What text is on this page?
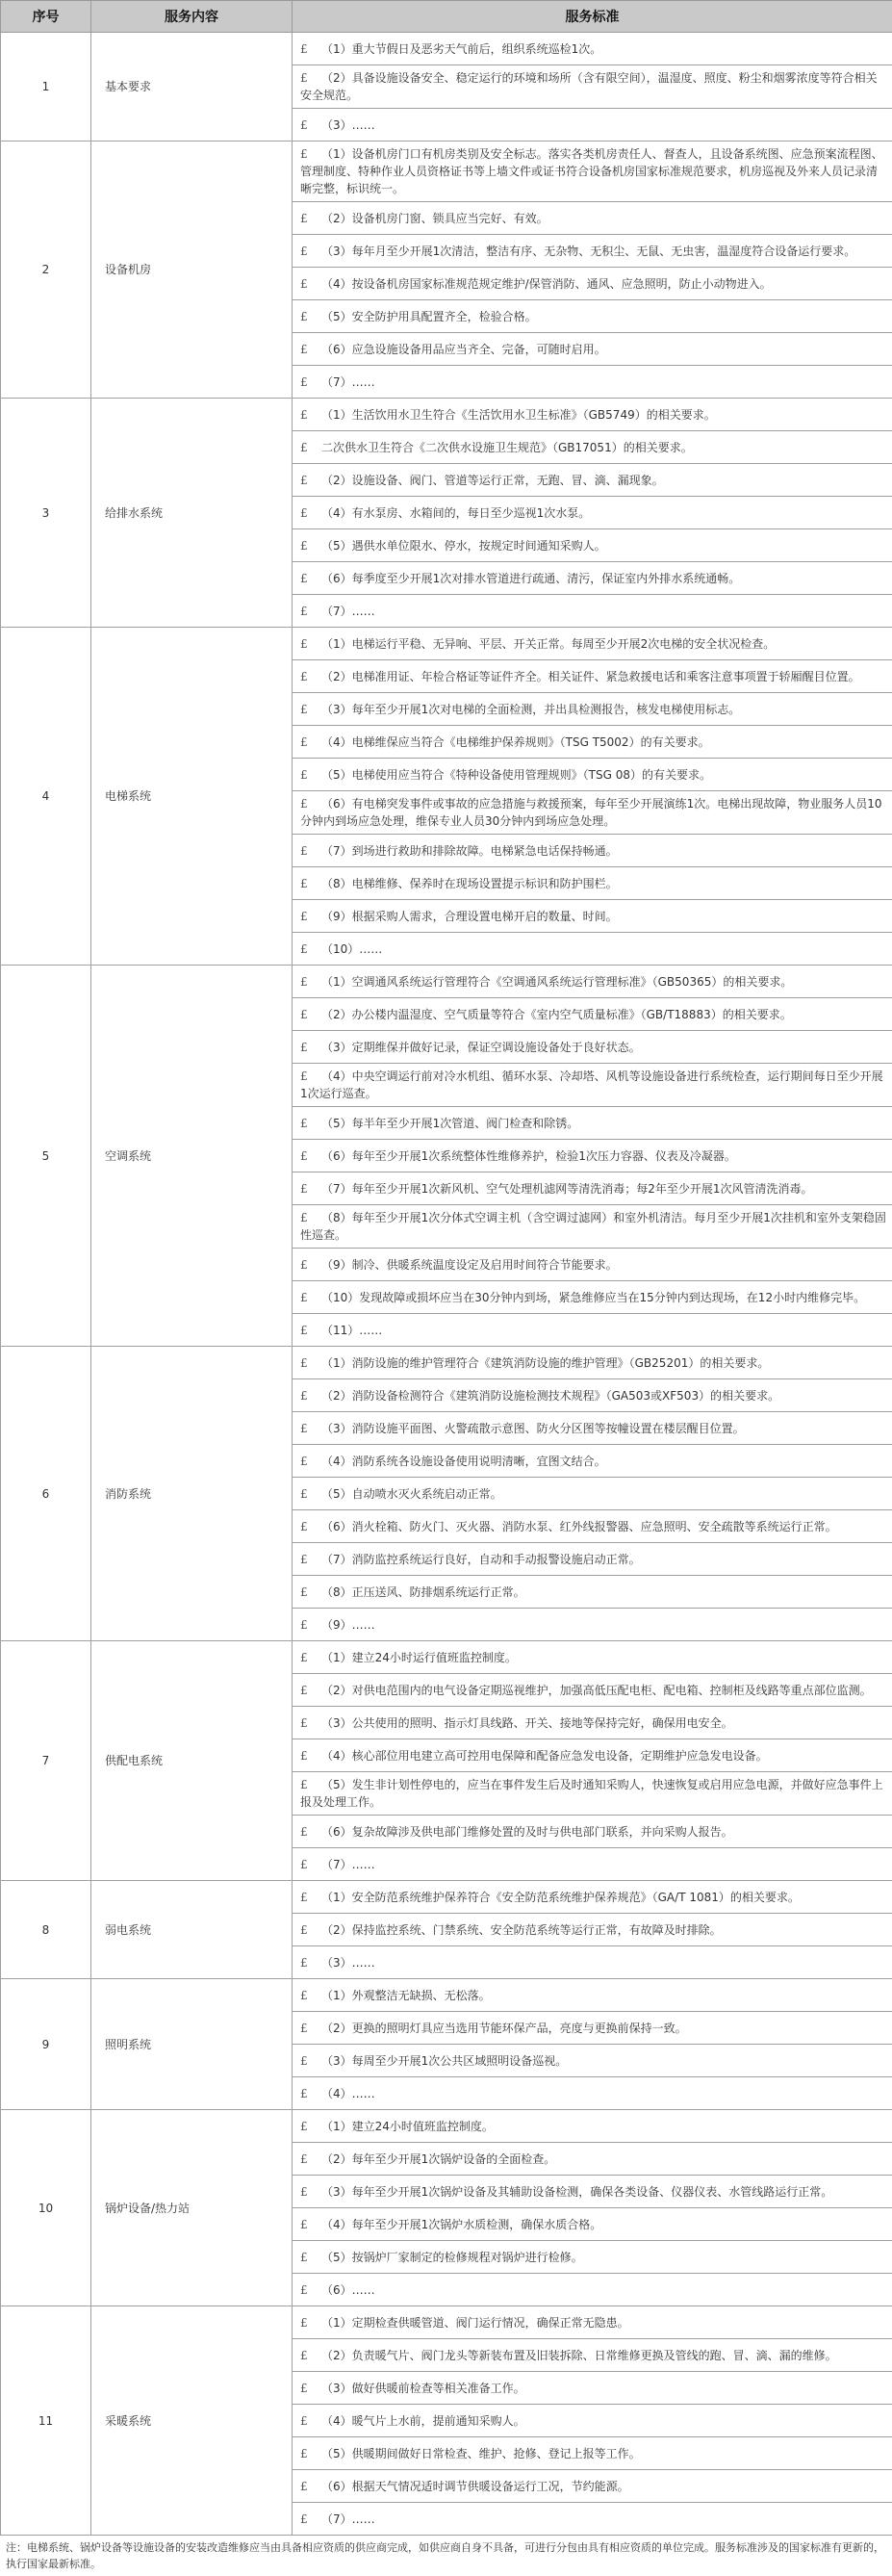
序号	服务内容	服务标准
1	基本要求	£ （1）重大节假日及恶劣天气前后，组织系统巡检1次。
		£ （2）具备设施设备安全、稳定运行的环境和场所（含有限空间），温湿度、照度、粉尘和烟雾浓度等符合相关安全规范。
		£ （3）……
2	设备机房	£ （1）设备机房门口有机房类别及安全标志。落实各类机房责任人、督查人，且设备系统图、应急预案流程图、管理制度、特种作业人员资格证书等上墙文件或证书符合设备机房国家标准规范要求，机房巡视及外来人员记录清晰完整，标识统一。
		£ （2）设备机房门窗、锁具应当完好、有效。
		£ （3）每年月至少开展1次清洁，整洁有序、无杂物、无积尘、无鼠、无虫害，温湿度符合设备运行要求。
		£ （4）按设备机房国家标准规范规定维护/保管消防、通风、应急照明，防止小动物进入。
		£ （5）安全防护用具配置齐全，检验合格。
		£ （6）应急设施设备用品应当齐全、完备，可随时启用。
		£ （7）……
3	给排水系统	£ （1）生活饮用水卫生符合《生活饮用水卫生标准》（GB5749）的相关要求。
		£ 二次供水卫生符合《二次供水设施卫生规范》（GB17051）的相关要求。
		£ （2）设施设备、阀门、管道等运行正常，无跑、冒、滴、漏现象。
		£ （4）有水泵房、水箱间的，每日至少巡视1次水泵。
		£ （5）遇供水单位限水、停水，按规定时间通知采购人。
		£ （6）每季度至少开展1次对排水管道进行疏通、清污，保证室内外排水系统通畅。
		£ （7）……
4	电梯系统	£ （1）电梯运行平稳、无异响、平层、开关正常。每周至少开展2次电梯的安全状况检查。
		£ （2）电梯准用证、年检合格证等证件齐全。相关证件、紧急救援电话和乘客注意事项置于轿厢醒目位置。
		£ （3）每年至少开展1次对电梯的全面检测，并出具检测报告，核发电梯使用标志。
		£ （4）电梯维保应当符合《电梯维护保养规则》（TSG T5002）的有关要求。
		£ （5）电梯使用应当符合《特种设备使用管理规则》（TSG 08）的有关要求。
		£ （6）有电梯突发事件或事故的应急措施与救援预案，每年至少开展演练1次。电梯出现故障，物业服务人员10分钟内到场应急处理，维保专业人员30分钟内到场应急处理。
		£ （7）到场进行救助和排除故障。电梯紧急电话保持畅通。
		£ （8）电梯维修、保养时在现场设置提示标识和防护围栏。
		£ （9）根据采购人需求，合理设置电梯开启的数量、时间。
		£ （10）……
5	空调系统	£ （1）空调通风系统运行管理符合《空调通风系统运行管理标准》（GB50365）的相关要求。
		£ （2）办公楼内温湿度、空气质量等符合《室内空气质量标准》（GB/T18883）的相关要求。
		£ （3）定期维保并做好记录，保证空调设施设备处于良好状态。
		£ （4）中央空调运行前对冷水机组、循环水泵、冷却塔、风机等设施设备进行系统检查，运行期间每日至少开展1次运行巡查。
		£ （5）每半年至少开展1次管道、阀门检查和除锈。
		£ （6）每年至少开展1次系统整体性维修养护，检验1次压力容器、仪表及冷凝器。
		£ （7）每年至少开展1次新风机、空气处理机滤网等清洗消毒；每2年至少开展1次风管清洗消毒。
		£ （8）每年至少开展1次分体式空调主机（含空调过滤网）和室外机清洁。每月至少开展1次挂机和室外支架稳固性巡查。
		£ （9）制冷、供暖系统温度设定及启用时间符合节能要求。
		£ （10）发现故障或损坏应当在30分钟内到场，紧急维修应当在15分钟内到达现场，在12小时内维修完毕。
		£ （11）……
6	消防系统	£ （1）消防设施的维护管理符合《建筑消防设施的维护管理》（GB25201）的相关要求。
		£ （2）消防设备检测符合《建筑消防设施检测技术规程》（GA503或XF503）的相关要求。
		£ （3）消防设施平面图、火警疏散示意图、防火分区图等按幢设置在楼层醒目位置。
		£ （4）消防系统各设施设备使用说明清晰，宜图文结合。
		£ （5）自动喷水灭火系统启动正常。
		£ （6）消火栓箱、防火门、灭火器、消防水泵、红外线报警器、应急照明、安全疏散等系统运行正常。
		£ （7）消防监控系统运行良好，自动和手动报警设施启动正常。
		£ （8）正压送风、防排烟系统运行正常。
		£ （9）……
7	供配电系统	£ （1）建立24小时运行值班监控制度。
		£ （2）对供电范围内的电气设备定期巡视维护，加强高低压配电柜、配电箱、控制柜及线路等重点部位监测。
		£ （3）公共使用的照明、指示灯具线路、开关、接地等保持完好，确保用电安全。
		£ （4）核心部位用电建立高可控用电保障和配备应急发电设备，定期维护应急发电设备。
		£ （5）发生非计划性停电的，应当在事件发生后及时通知采购人，快速恢复或启用应急电源，并做好应急事件上报及处理工作。
		£ （6）复杂故障涉及供电部门维修处置的及时与供电部门联系，并向采购人报告。
		£ （7）……
8	弱电系统	£ （1）安全防范系统维护保养符合《安全防范系统维护保养规范》（GA/T 1081）的相关要求。
		£ （2）保持监控系统、门禁系统、安全防范系统等运行正常，有故障及时排除。
		£ （3）……
9	照明系统	£ （1）外观整洁无缺损、无松落。
		£ （2）更换的照明灯具应当选用节能环保产品，亮度与更换前保持一致。
		£ （3）每周至少开展1次公共区域照明设备巡视。
		£ （4）……
10	锅炉设备/热力站	£ （1）建立24小时值班监控制度。
		£ （2）每年至少开展1次锅炉设备的全面检查。
		£ （3）每年至少开展1次锅炉设备及其辅助设备检测，确保各类设备、仪器仪表、水管线路运行正常。
		£ （4）每年至少开展1次锅炉水质检测，确保水质合格。
		£ （5）按锅炉厂家制定的检修规程对锅炉进行检修。
		£ （6）……
11	采暖系统	£ （1）定期检查供暖管道、阀门运行情况，确保正常无隐患。
		£ （2）负责暖气片、阀门龙头等新装布置及旧装拆除、日常维修更换及管线的跑、冒、滴、漏的维修。
		£ （3）做好供暖前检查等相关准备工作。
		£ （4）暖气片上水前，提前通知采购人。
		£ （5）供暖期间做好日常检查、维护、抢修、登记上报等工作。
		£ （6）根据天气情况适时调节供暖设备运行工况，节约能源。
		£ （7）……
注：电梯系统、锅炉设备等设施设备的安装改造维修应当由具备相应资质的供应商完成，如供应商自身不具备，可进行分包由具有相应资质的单位完成。服务标准涉及的国家标准有更新的，执行国家最新标准。
